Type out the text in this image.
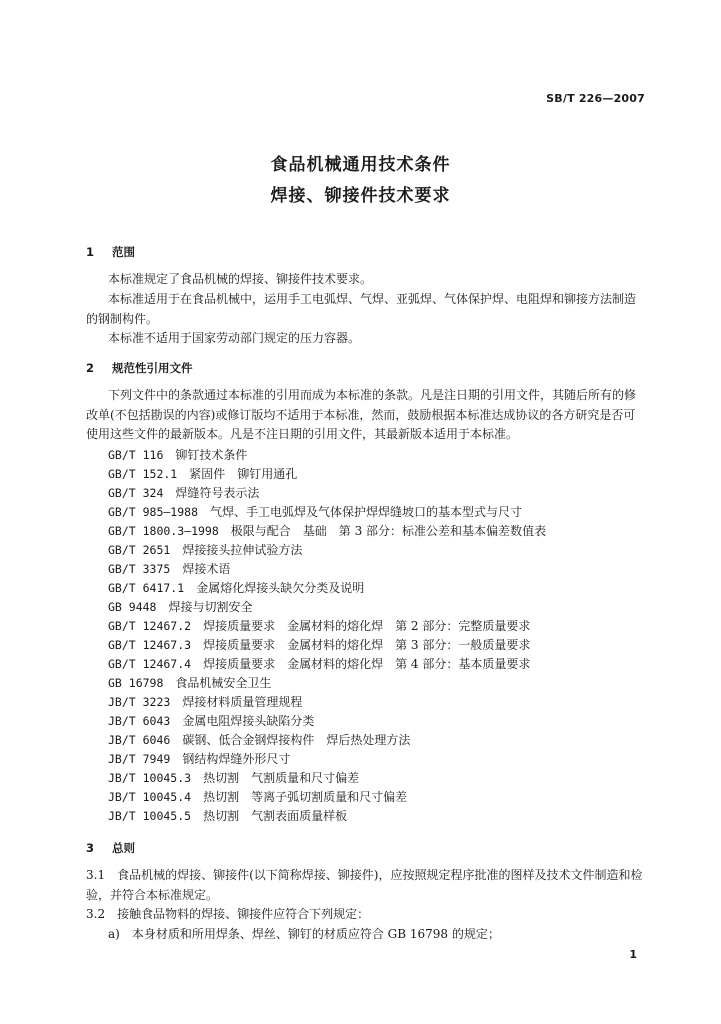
SB/T 226—2007
食品机械通用技术条件
焊接、铆接件技术要求
1 范围

本标准规定了食品机械的焊接、铆接件技术要求。

本标准适用于在食品机械中，运用手工电弧焊、气焊、亚弧焊、气体保护焊、电阻焊和铆接方法制造的钢制构件。

本标准不适用于国家劳动部门规定的压力容器。

2 规范性引用文件

下列文件中的条款通过本标准的引用而成为本标准的条款。凡是注日期的引用文件，其随后所有的修改单(不包括勘误的内容)或修订版均不适用于本标准，然而，鼓励根据本标准达成协议的各方研究是否可使用这些文件的最新版本。凡是不注日期的引用文件，其最新版本适用于本标准。

GB/T 116　 铆钉技术条件
GB/T 152.1　 紧固件　铆钉用通孔
GB/T 324　 焊缝符号表示法
GB/T 985—1988　 气焊、手工电弧焊及气体保护焊焊缝坡口的基本型式与尺寸
GB/T 1800.3—1998　 极限与配合　基础　第 3 部分：标准公差和基本偏差数值表
GB/T 2651　 焊接接头拉伸试验方法
GB/T 3375　 焊接术语
GB/T 6417.1　 金属熔化焊接头缺欠分类及说明
GB 9448　 焊接与切割安全
GB/T 12467.2　 焊接质量要求　金属材料的熔化焊　第 2 部分：完整质量要求
GB/T 12467.3　 焊接质量要求　金属材料的熔化焊　第 3 部分：一般质量要求
GB/T 12467.4　 焊接质量要求　金属材料的熔化焊　第 4 部分：基本质量要求
GB 16798　 食品机械安全卫生
JB/T 3223　 焊接材料质量管理规程
JB/T 6043　 金属电阻焊接头缺陷分类
JB/T 6046　 碳钢、低合金钢焊接构件　焊后热处理方法
JB/T 7949　 钢结构焊缝外形尺寸
JB/T 10045.3　 热切割　气割质量和尺寸偏差
JB/T 10045.4　 热切割　等离子弧切割质量和尺寸偏差
JB/T 10045.5　 热切割　气割表面质量样板
3 总则

3.1　食品机械的焊接、铆接件(以下简称焊接、铆接件)，应按照规定程序批准的图样及技术文件制造和检验，并符合本标准规定。

3.2　接触食品物料的焊接、铆接件应符合下列规定：

a)　本身材质和所用焊条、焊丝、铆钉的材质应符合 GB 16798 的规定；
1
